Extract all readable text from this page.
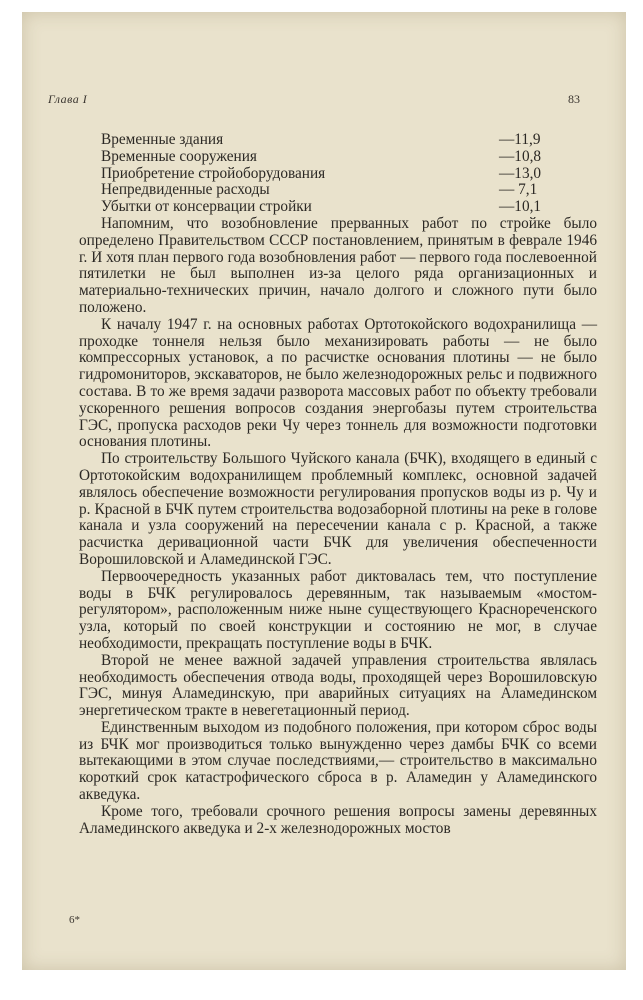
Глава I	83
Временные здания	—11,9
Временные сооружения	—10,8
Приобретение стройоборудования	—13,0
Непредвиденные расходы	— 7,1
Убытки от консервации стройки	—10,1

Напомним, что возобновление прерванных работ по стройке было определено Правительством СССР постановлением, принятым в феврале 1946 г. И хотя план первого года возобновления работ — первого года послевоенной пятилетки не был выполнен из-за целого ряда организационных и материально-технических причин, начало долгого и сложного пути было положено.

К началу 1947 г. на основных работах Ортотокойского водохранилища — проходке тоннеля нельзя было механизировать работы — не было компрессорных установок, а по расчистке основания плотины — не было гидромониторов, экскаваторов, не было железнодорожных рельс и подвижного состава. В то же время задачи разворота массовых работ по объекту требовали ускоренного решения вопросов создания энергобазы путем строительства ГЭС, пропуска расходов реки Чу через тоннель для возможности подготовки основания плотины.

По строительству Большого Чуйского канала (БЧК), входящего в единый с Ортотокойским водохранилищем проблемный комплекс, основной задачей являлось обеспечение возможности регулирования пропусков воды из р. Чу и р. Красной в БЧК путем строительства водозаборной плотины на реке в голове канала и узла сооружений на пересечении канала с р. Красной, а также расчистка деривационной части БЧК для увеличения обеспеченности Ворошиловской и Аламединской ГЭС.

Первоочередность указанных работ диктовалась тем, что поступление воды в БЧК регулировалось деревянным, так называемым «мостом-регулятором», расположенным ниже ныне существующего Краснореченского узла, который по своей конструкции и состоянию не мог, в случае необходимости, прекращать поступление воды в БЧК.

Второй не менее важной задачей управления строительства являлась необходимость обеспечения отвода воды, проходящей через Ворошиловскую ГЭС, минуя Аламединскую, при аварийных ситуациях на Аламединском энергетическом тракте в невегетационный период.

Единственным выходом из подобного положения, при котором сброс воды из БЧК мог производиться только вынужденно через дамбы БЧК со всеми вытекающими в этом случае последствиями,— строительство в максимально короткий срок катастрофического сброса в р. Аламедин у Аламединского акведука.

Кроме того, требовали срочного решения вопросы замены деревянных Аламединского акведука и 2-х железнодорожных мостов

6*
